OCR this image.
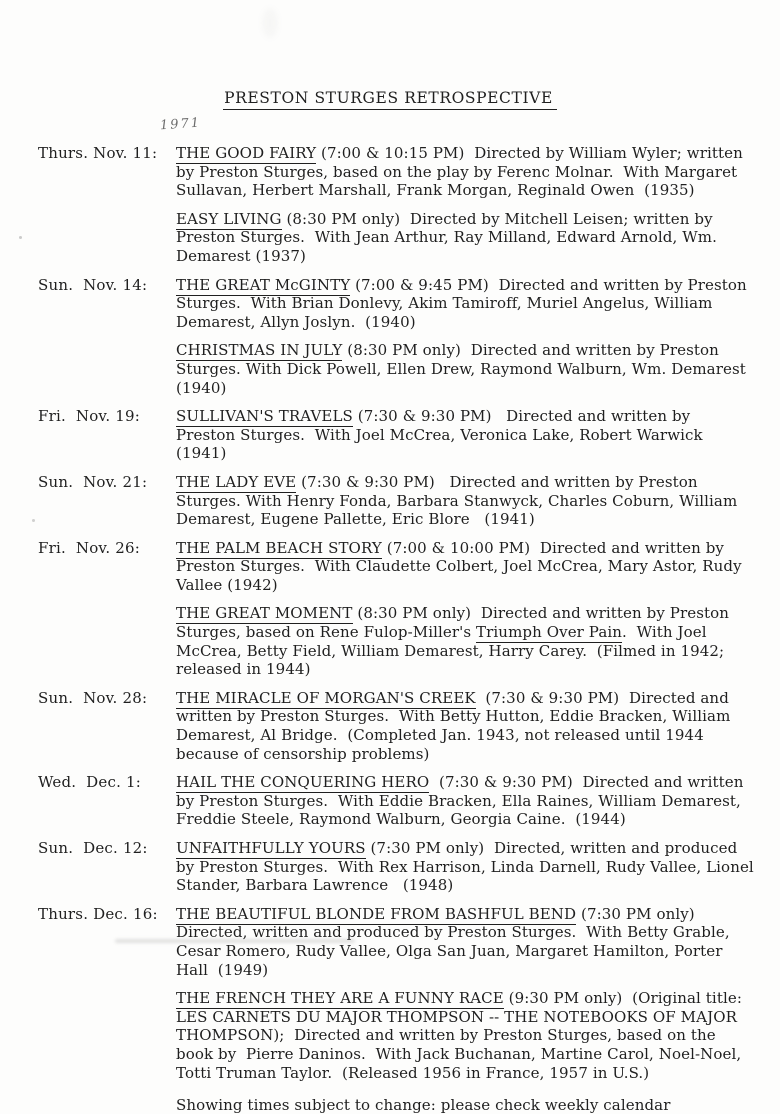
PRESTON STURGES RETROSPECTIVE
1971
Thurs. Nov. 11:	THE GOOD FAIRY (7:00 & 10:15 PM)  Directed by William Wyler; written by Preston Sturges, based on the play by Ferenc Molnar.  With Margaret Sullavan, Herbert Marshall, Frank Morgan, Reginald Owen  (1935)

EASY LIVING (8:30 PM only)  Directed by Mitchell Leisen; written by Preston Sturges.  With Jean Arthur, Ray Milland, Edward Arnold, Wm. Demarest (1937)

Sun.  Nov. 14:	THE GREAT McGINTY (7:00 & 9:45 PM)  Directed and written by Preston Sturges.  With Brian Donlevy, Akim Tamiroff, Muriel Angelus, William Demarest, Allyn Joslyn.  (1940)

CHRISTMAS IN JULY (8:30 PM only)  Directed and written by Preston Sturges. With Dick Powell, Ellen Drew, Raymond Walburn, Wm. Demarest  (1940)

Fri.  Nov. 19:	SULLIVAN'S TRAVELS (7:30 & 9:30 PM)   Directed and written by Preston Sturges.  With Joel McCrea, Veronica Lake, Robert Warwick  (1941)

Sun.  Nov. 21:	THE LADY EVE (7:30 & 9:30 PM)   Directed and written by Preston Sturges. With Henry Fonda, Barbara Stanwyck, Charles Coburn, William Demarest, Eugene Pallette, Eric Blore   (1941)

Fri.  Nov. 26:	THE PALM BEACH STORY (7:00 & 10:00 PM)  Directed and written by Preston Sturges.  With Claudette Colbert, Joel McCrea, Mary Astor, Rudy Vallee (1942)

THE GREAT MOMENT (8:30 PM only)  Directed and written by Preston Sturges, based on Rene Fulop-Miller's Triumph Over Pain.  With Joel McCrea, Betty Field, William Demarest, Harry Carey.  (Filmed in 1942; released in 1944)

Sun.  Nov. 28:	THE MIRACLE OF MORGAN'S CREEK  (7:30 & 9:30 PM)  Directed and written by Preston Sturges.  With Betty Hutton, Eddie Bracken, William Demarest, Al Bridge.  (Completed Jan. 1943, not released until 1944 because of censorship problems)

Wed.  Dec. 1:	HAIL THE CONQUERING HERO  (7:30 & 9:30 PM)  Directed and written by Preston Sturges.  With Eddie Bracken, Ella Raines, William Demarest, Freddie Steele, Raymond Walburn, Georgia Caine.  (1944)

Sun.  Dec. 12:	UNFAITHFULLY YOURS (7:30 PM only)  Directed, written and produced by Preston Sturges.  With Rex Harrison, Linda Darnell, Rudy Vallee, Lionel Stander, Barbara Lawrence   (1948)

Thurs. Dec. 16:	THE BEAUTIFUL BLONDE FROM BASHFUL BEND (7:30 PM only) Directed, written and produced by Preston Sturges.  With Betty Grable, Cesar Romero, Rudy Vallee, Olga San Juan, Margaret Hamilton, Porter Hall  (1949)

THE FRENCH THEY ARE A FUNNY RACE (9:30 PM only)  (Original title: LES CARNETS DU MAJOR THOMPSON -- THE NOTEBOOKS OF MAJOR THOMPSON);  Directed and written by Preston Sturges, based on the book by  Pierre Daninos.  With Jack Buchanan, Martine Carol, Noel-Noel, Totti Truman Taylor.  (Released 1956 in France, 1957 in U.S.)

Showing times subject to change: please check weekly calendar
